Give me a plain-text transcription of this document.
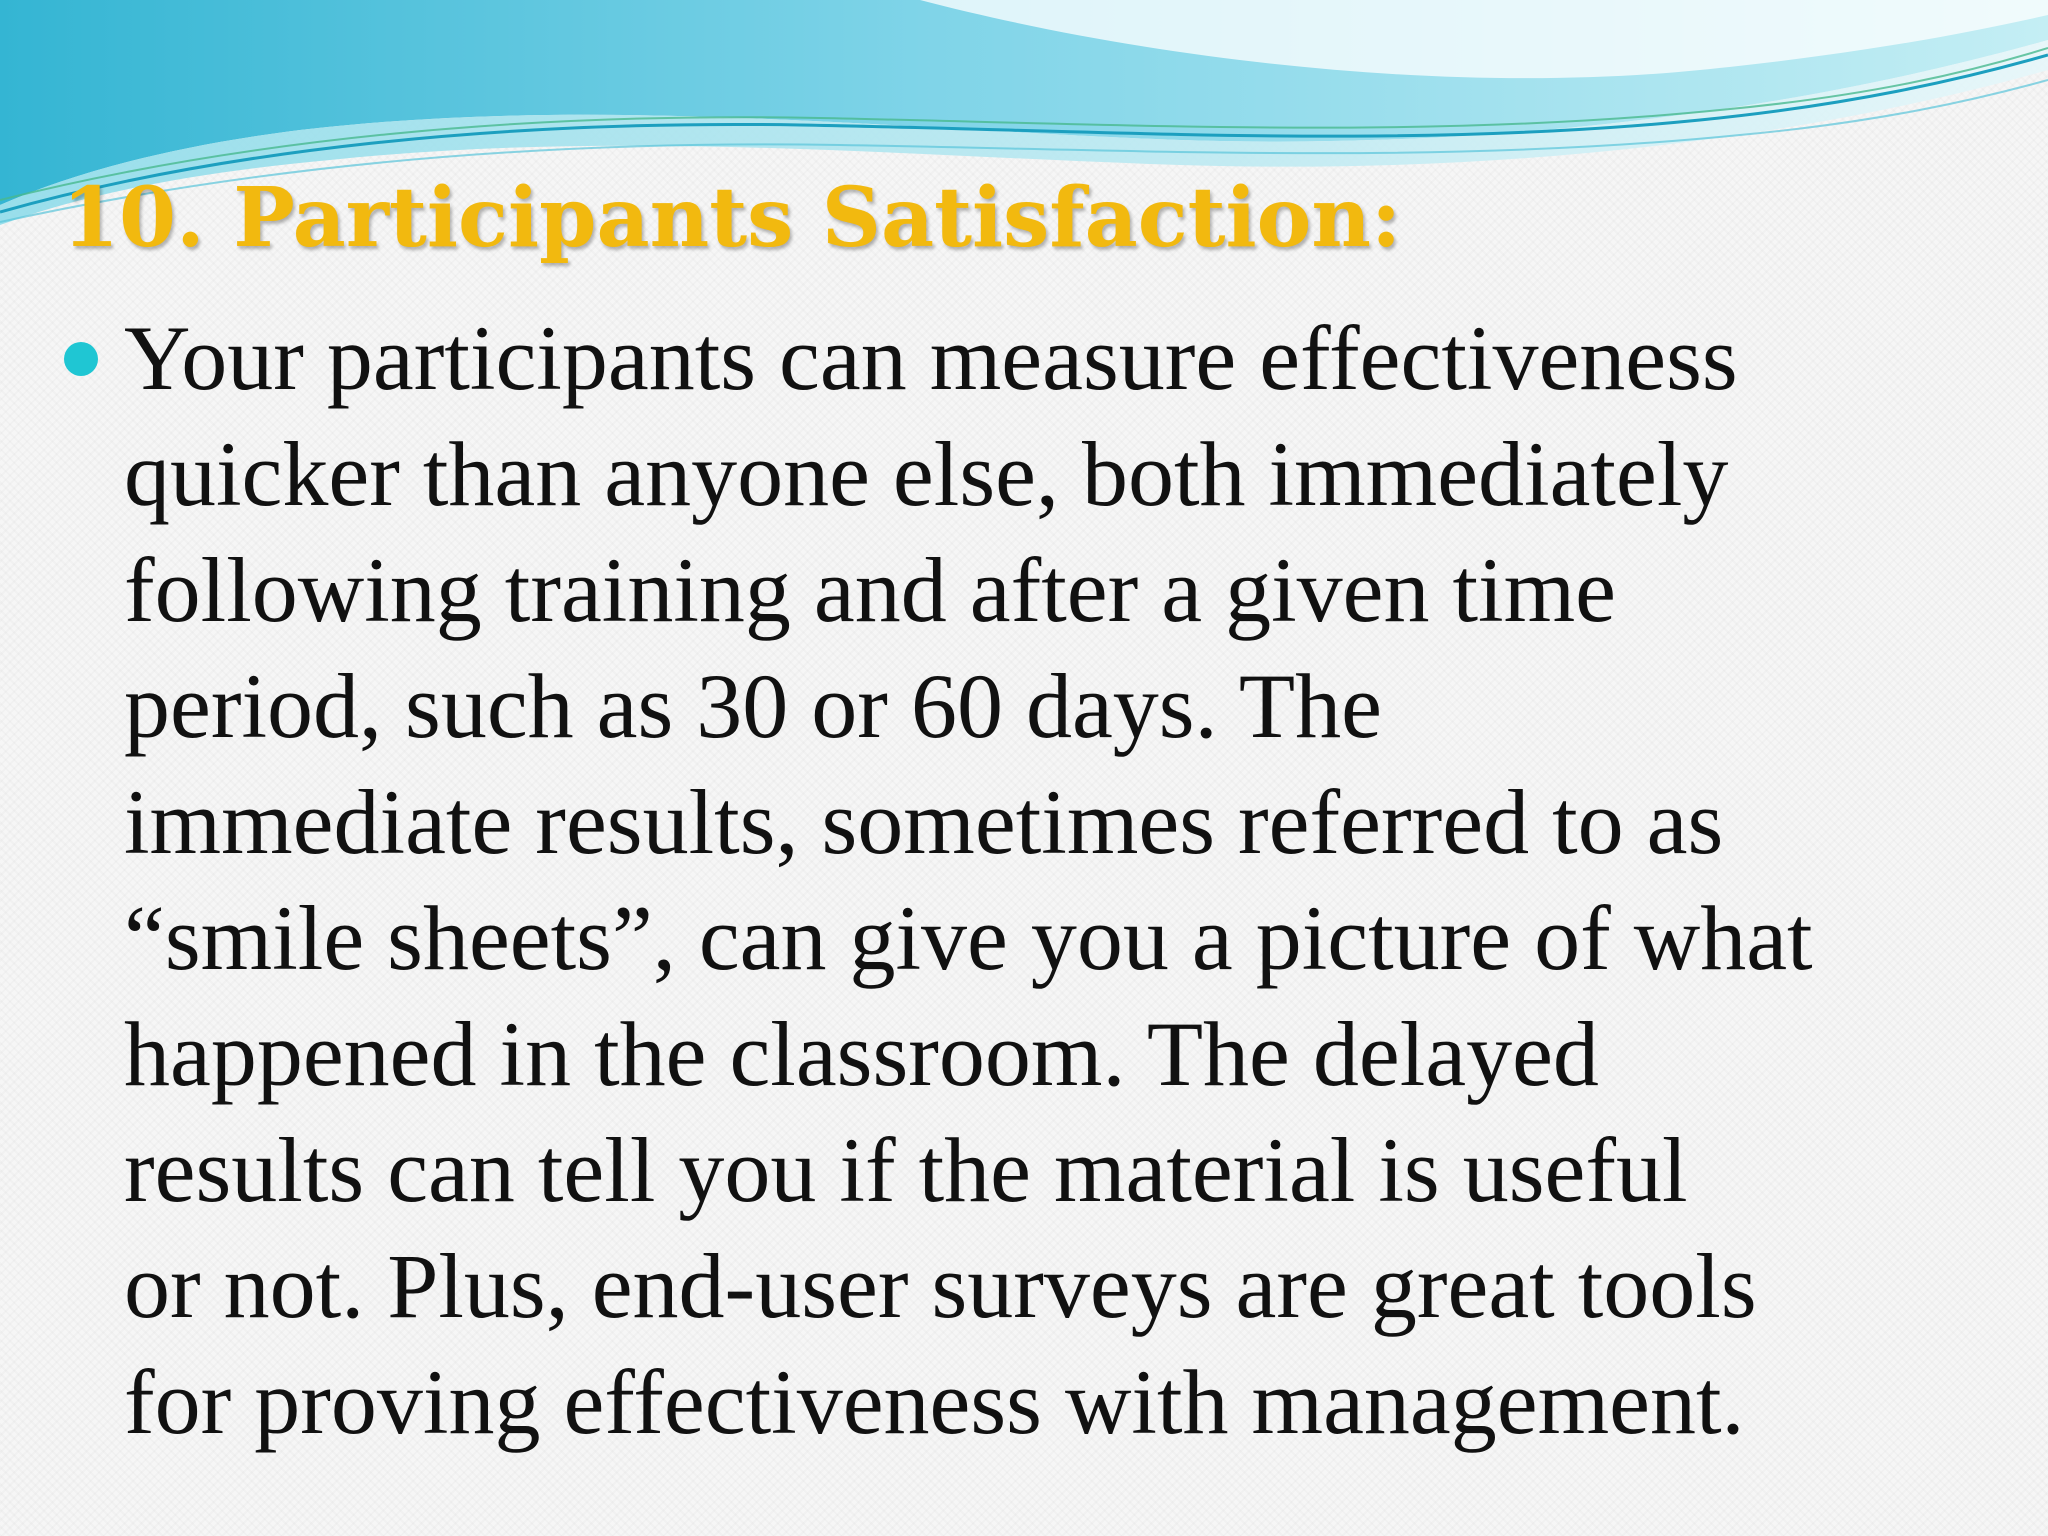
10. Participants Satisfaction:

Your participants can measure effectiveness
quicker than anyone else, both immediately
following training and after a given time
period, such as 30 or 60 days. The
immediate results, sometimes referred to as
“smile sheets”, can give you a picture of what
happened in the classroom. The delayed
results can tell you if the material is useful
or not. Plus, end-user surveys are great tools
for proving effectiveness with management.
